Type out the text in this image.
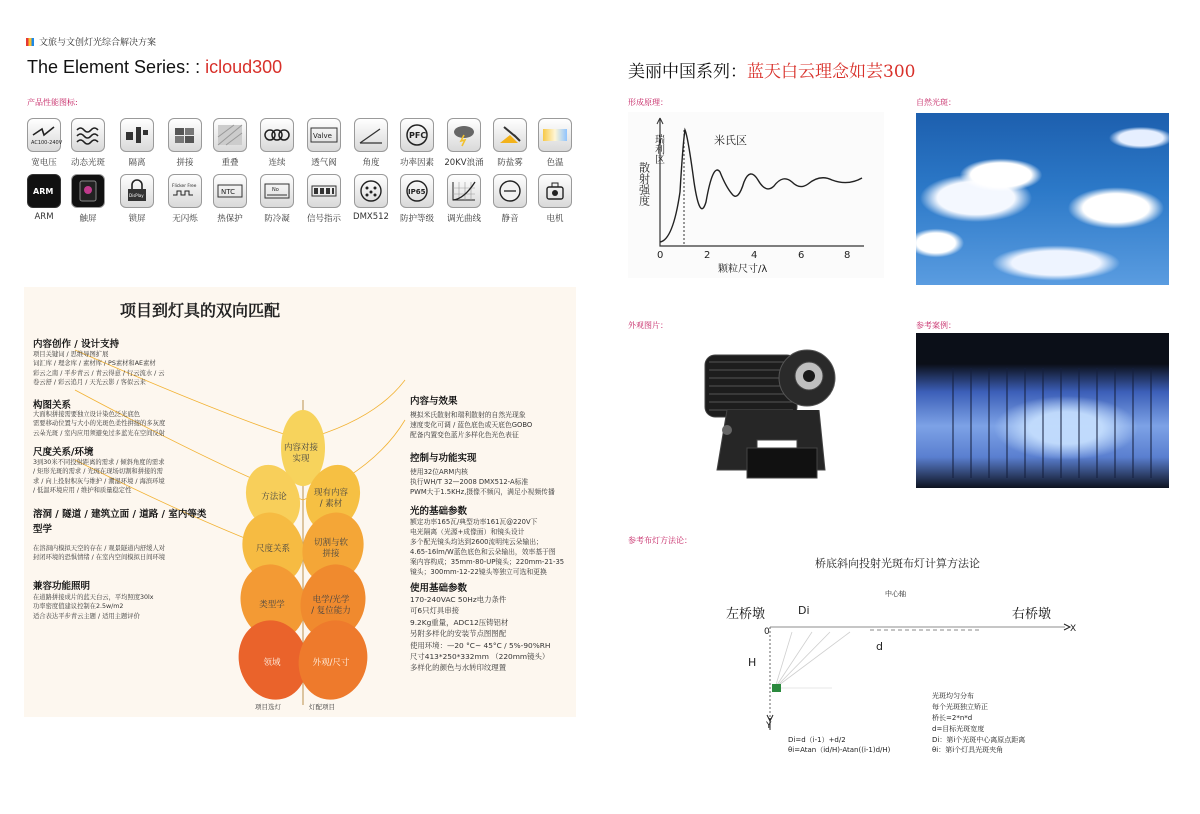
文旅与文创灯光综合解决方案
The Element Series: : icloud300
产品性能图标:
AC100-240V
宽电压	动态光斑	隔离	拼接	重叠	连续
Valve
透气阀	角度
PFC
功率因素	20KV浪涌	防盐雾	色温
ARM
ARM	触屏
DisPlay
锁屏
Flicker Free
无闪烁
NTC
热保护
No
防冷凝	信号指示	DMX512
IP65
防护等级	调光曲线	静音	电机
项目到灯具的双向匹配
内容对接
实现
方法论
尺度关系
类型学
领域
现有内容
/ 素材
切割与软
拼接
电学/光学
/ 复位能力
外观/尺寸
项目选灯	灯配项目
内容创作 / 设计支持
项目关键词 / 思维导图扩展
词汇库 / 理念库 / 素材库 / PS素材和AE素材
彩云之南 / 平步青云 / 青云得意 / 行云流水 / 云
卷云舒 / 彩云追月 / 天光云影 / 客似云来
构图关系
大面积拼接需要独立设计染色泛光底色
需要移动位置与大小的光斑色柔性拼接的多灰度
云朵光斑 / 室内应用须避免过多蓝光在空间反射
尺度关系/环境
3到30米不同投射距离的需求 / 倾斜角度的需求
/ 矩形光斑的需求 / 光斑在现场切割和拼接的需
求 / 向上投射积灰与维护 / 潮湿环境 / 海滨环境
/ 低温环境应用 / 维护和质量稳定性
溶洞 / 隧道 / 建筑立面 / 道路 / 室内等类型学
在溶洞内模拟天空的存在 / 观景隧道内舒缓人对
封闭环境的恐惧情绪 / 在室内空间模拟日间环境
兼容功能照明
在道路拼接成片的蓝天白云，平均照度30lx
功率密度值建议控制在2.5w/m2
适合表达平步青云主题 / 适用主题评价
内容与效果
模拟米氏散射和瑞利散射的自然光现象
速度变化可调 / 蓝色底色或天底色GOBO
配备内置变色蓝片多样化色光色表征
控制与功能实现
使用32位ARM内核
执行WH/T 32—2008 DMX512-A标准
PWM大于1.5KHz,摄像不频闪，满足小视频传播
光的基础参数
额定功率165瓦/典型功率161瓦@220V下
电光隔离（光源+成像面）和镜头设计
多个配光镜头均达到2600流明纯云朵输出；
4.65-16lm/W蓝色底色和云朵输出，效率基于图
案内容构成；35mm-80-UP镜头；220mm-21-35
镜头；300mm-12-22镜头等独立可选和更换
使用基础参数
170-240VAC 50Hz电力条件
可6只灯具串接
9.2Kg重量，ADC12压铸铝材
另附多样化的安装节点图图配
使用环境：—20 °C~ 45°C / 5%-90%RH
尺寸413*250*332mm （220mm镜头）
多样化的颜色与水转印纹理置
美丽中国系列：蓝天白云理念如芸300
形成原理：	自然光斑：
外观图片：	参考案例：
参考布灯方法论：
散射强度
瑞利区	米氏区
0	2	4	6	8
颗粒尺寸/λ
桥底斜向投射光斑布灯计算方法论
左桥墩	右桥墩
中心轴
Di
d
H
0	X
Y
Di=d（i-1）+d/2
θi=Atan（id/H)-Atan((i-1)d/H)
光斑均匀分布
每个光斑独立矫正
桥长=2*n*d
d=目标光斑宽度
Di：第i个光斑中心离原点距离
θi：第i个灯具光斑夹角
